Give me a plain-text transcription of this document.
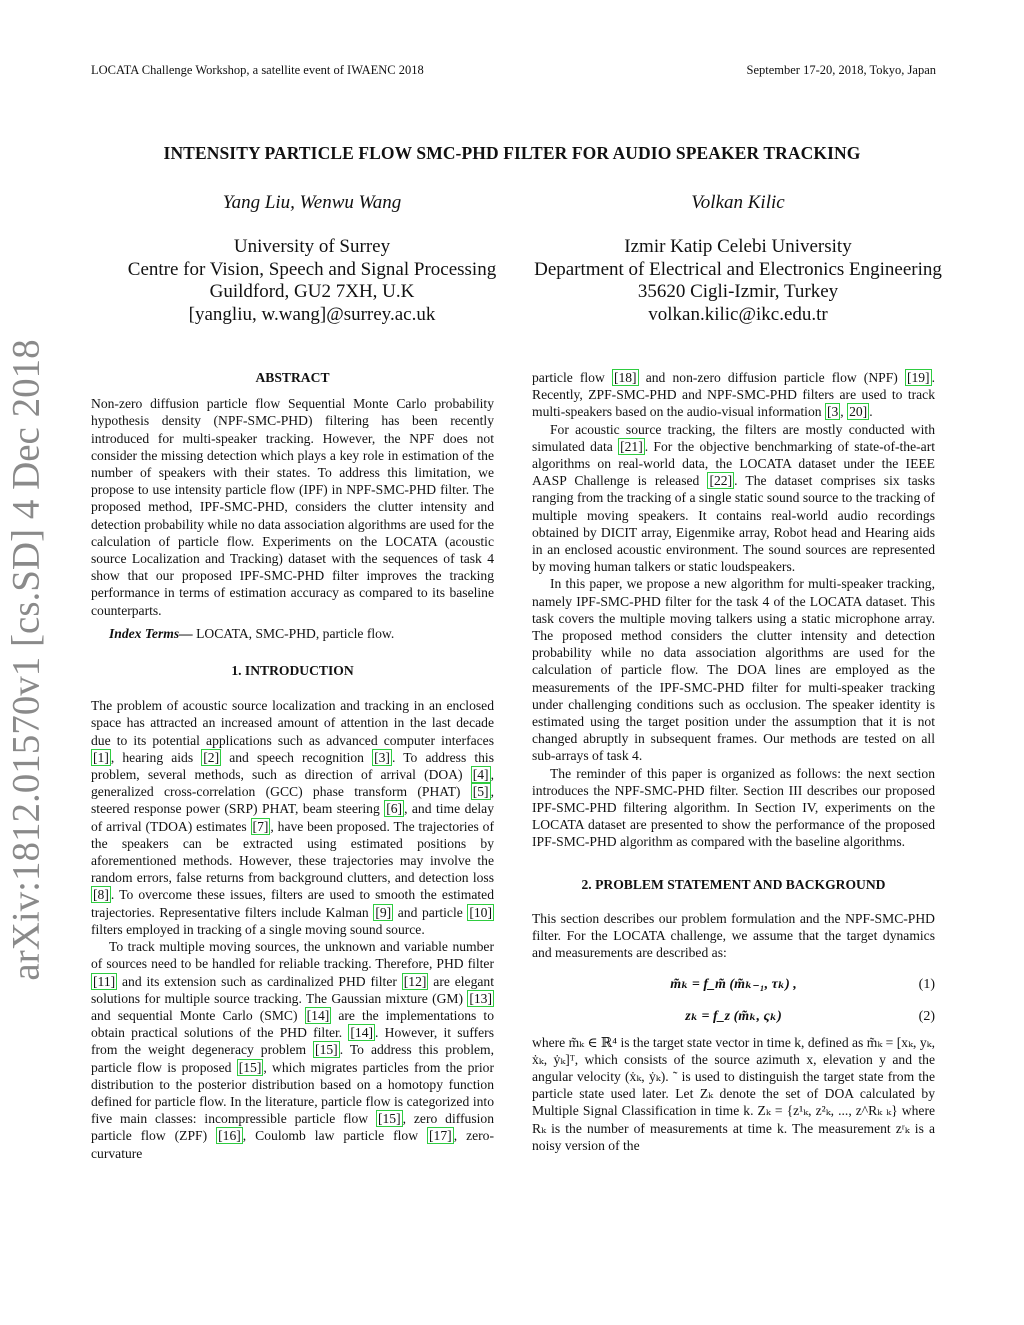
LOCATA Challenge Workshop, a satellite event of IWAENC 2018	September 17-20, 2018, Tokyo, Japan
INTENSITY PARTICLE FLOW SMC-PHD FILTER FOR AUDIO SPEAKER TRACKING
Yang Liu, Wenwu Wang	Volkan Kilic
University of Surrey
Centre for Vision, Speech and Signal Processing
Guildford, GU2 7XH, U.K
[yangliu, w.wang]@surrey.ac.uk
Izmir Katip Celebi University
Department of Electrical and Electronics Engineering
35620 Cigli-Izmir, Turkey
volkan.kilic@ikc.edu.tr
arXiv:1812.01570v1 [cs.SD] 4 Dec 2018	ABSTRACT

Non-zero diffusion particle flow Sequential Monte Carlo probability hypothesis density (NPF-SMC-PHD) filtering has been recently introduced for multi-speaker tracking. However, the NPF does not consider the missing detection which plays a key role in estimation of the number of speakers with their states. To address this limitation, we propose to use intensity particle flow (IPF) in NPF-SMC-PHD filter. The proposed method, IPF-SMC-PHD, considers the clutter intensity and detection probability while no data association algorithms are used for the calculation of particle flow. Experiments on the LOCATA (acoustic source Localization and Tracking) dataset with the sequences of task 4 show that our proposed IPF-SMC-PHD filter improves the tracking performance in terms of estimation accuracy as compared to its baseline counterparts.

Index Terms— LOCATA, SMC-PHD, particle flow.

1. INTRODUCTION

The problem of acoustic source localization and tracking in an enclosed space has attracted an increased amount of attention in the last decade due to its potential applications such as advanced computer interfaces [1] , hearing aids [2] and speech recognition [3] . To address this problem, several methods, such as direction of arrival (DOA) [4] , generalized cross-correlation (GCC) phase transform (PHAT) [5] , steered response power (SRP) PHAT, beam steering [6] , and time delay of arrival (TDOA) estimates [7] , have been proposed. The trajectories of the speakers can be extracted using estimated positions by aforementioned methods. However, these trajectories may involve the random errors, false returns from background clutters, and detection loss [8] . To overcome these issues, filters are used to smooth the estimated trajectories. Representative filters include Kalman [9] and particle [10] filters employed in tracking of a single moving sound source.

To track multiple moving sources, the unknown and variable number of sources need to be handled for reliable tracking. Therefore, PHD filter [11] and its extension such as cardinalized PHD filter [12] are elegant solutions for multiple source tracking. The Gaussian mixture (GM) [13] and sequential Monte Carlo (SMC) [14] are the implementations to obtain practical solutions of the PHD filter. [14] . However, it suffers from the weight degeneracy problem [15] . To address this problem, particle flow is proposed [15] , which migrates particles from the prior distribution to the posterior distribution based on a homotopy function defined for particle flow. In the literature, particle flow is categorized into five main classes: incompressible particle flow [15] , zero diffusion particle flow (ZPF) [16] , Coulomb law particle flow [17] , zero-curvature

particle flow [18] and non-zero diffusion particle flow (NPF) [19] . Recently, ZPF-SMC-PHD and NPF-SMC-PHD filters are used to track multi-speakers based on the audio-visual information [3 , 20] .

For acoustic source tracking, the filters are mostly conducted with simulated data [21] . For the objective benchmarking of state-of-the-art algorithms on real-world data, the LOCATA dataset under the IEEE AASP Challenge is released [22] . The dataset comprises six tasks ranging from the tracking of a single static sound source to the tracking of multiple moving speakers. It contains real-world audio recordings obtained by DICIT array, Eigenmike array, Robot head and Hearing aids in an enclosed acoustic environment. The sound sources are represented by moving human talkers or static loudspeakers.

In this paper, we propose a new algorithm for multi-speaker tracking, namely IPF-SMC-PHD filter for the task 4 of the LOCATA dataset. This task covers the multiple moving talkers using a static microphone array. The proposed method considers the clutter intensity and detection probability while no data association algorithms are used for the calculation of particle flow. The DOA lines are employed as the measurements of the IPF-SMC-PHD filter for multi-speaker tracking under challenging conditions such as occlusion. The speaker identity is estimated using the target position under the assumption that it is not changed abruptly in subsequent frames. Our methods are tested on all sub-arrays of task 4.

The reminder of this paper is organized as follows: the next section introduces the NPF-SMC-PHD filter. Section III describes our proposed IPF-SMC-PHD filtering algorithm. In Section IV, experiments on the LOCATA dataset are presented to show the performance of the proposed IPF-SMC-PHD algorithm as compared with the baseline algorithms.

2. PROBLEM STATEMENT AND BACKGROUND

This section describes our problem formulation and the NPF-SMC-PHD filter. For the LOCATA challenge, we assume that the target dynamics and measurements are described as:

m̃ₖ = f_m̃ (m̃ₖ₋₁, τₖ) ,	(1)
zₖ = f_z (m̃ₖ, ςₖ)	(2)

where m̃ₖ ∈ ℝ⁴ is the target state vector in time k, defined as m̃ₖ = [xₖ, yₖ, ẋₖ, ẏₖ]ᵀ, which consists of the source azimuth x, elevation y and the angular velocity (ẋₖ, ẏₖ). ˜ is used to distinguish the target state from the particle state used later. Let Zₖ denote the set of DOA calculated by Multiple Signal Classification in time k. Zₖ = {z¹ₖ, z²ₖ, ..., z^Rₖ ₖ} where Rₖ is the number of measurements at time k. The measurement zʳₖ is a noisy version of the
